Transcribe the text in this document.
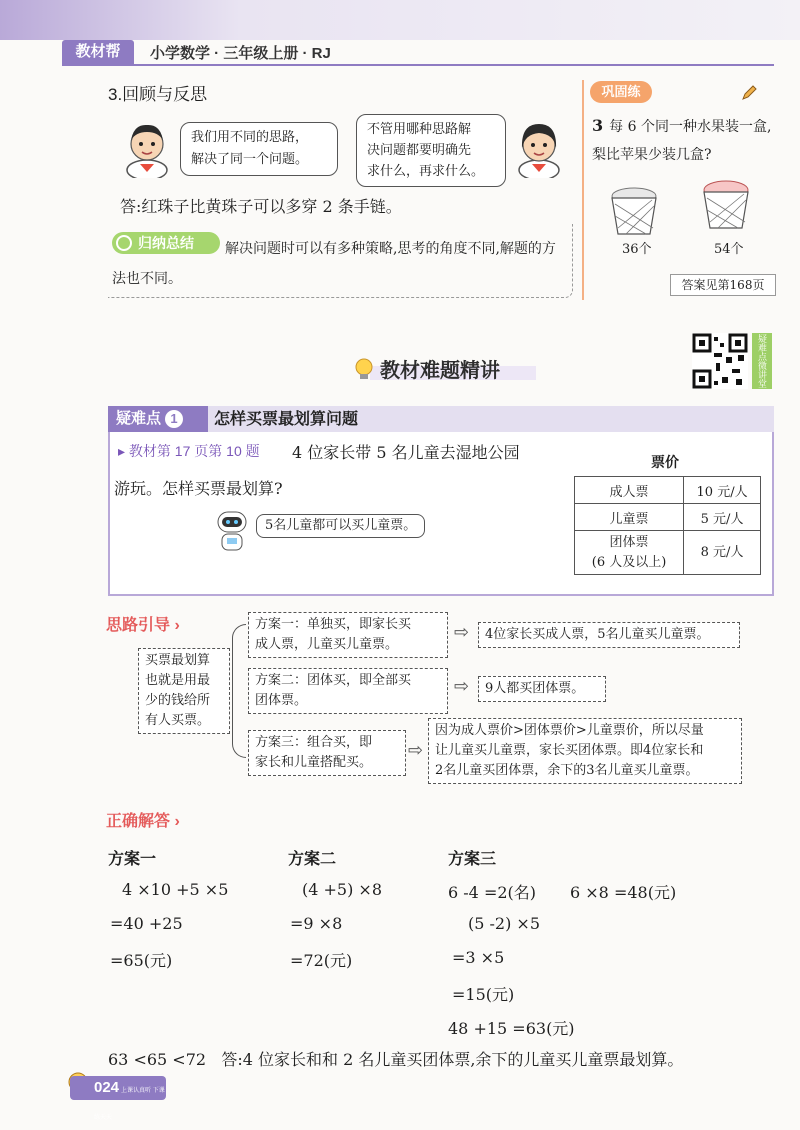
教材帮	小学数学 · 三年级上册 · RJ
3.回顾与反思
我们用不同的思路，
解决了同一个问题。
不管用哪种思路解
决问题都要明确先
求什么，再求什么。
答:红珠子比黄珠子可以多穿 2 条手链。
解决问题时可以有多种策略,思考的角度不同,解题的方法也不同。
归纳总结
巩固练
3 每 6 个同一种水果装一盒,梨比苹果少装几盒?
36个	54个
答案见第168页
教材难题精讲	疑难点微讲堂
疑难点 1	怎样买票最划算问题
▸ 教材第 17 页第 10 题 4 位家长带 5 名儿童去湿地公园
游玩。怎样买票最划算?
5名儿童都可以买儿童票。
票价
成人票	10 元/人
儿童票	5 元/人

团体票
(6 人及以上)	8 元/人
思路引导 ›
买票最划算
也就是用最
少的钱给所
有人买票。
方案一：单独买，即家长买
成人票，儿童买儿童票。
⇨	4位家长买成人票，5名儿童买儿童票。
方案二：团体买，即全部买
团体票。
⇨	9人都买团体票。
方案三：组合买，即
家长和儿童搭配买。
⇨
因为成人票价>团体票价>儿童票价，所以尽量
让儿童买儿童票，家长买团体票。即4位家长和
2名儿童买团体票，余下的3名儿童买儿童票。
正确解答 ›
方案一
4 ×10 +5 ×5
=40 +25
=65(元)
方案二
(4 +5) ×8
=9 ×8
=72(元)
方案三
6 -4 =2(名) 6 ×8 =48(元)
(5 -2) ×5
=3 ×5
=15(元)
48 +15 =63(元)
63 <65 <72 答:4 位家长和和 2 名儿童买团体票,余下的儿童买儿童票最划算。
024 上课认真听 下课练天天
